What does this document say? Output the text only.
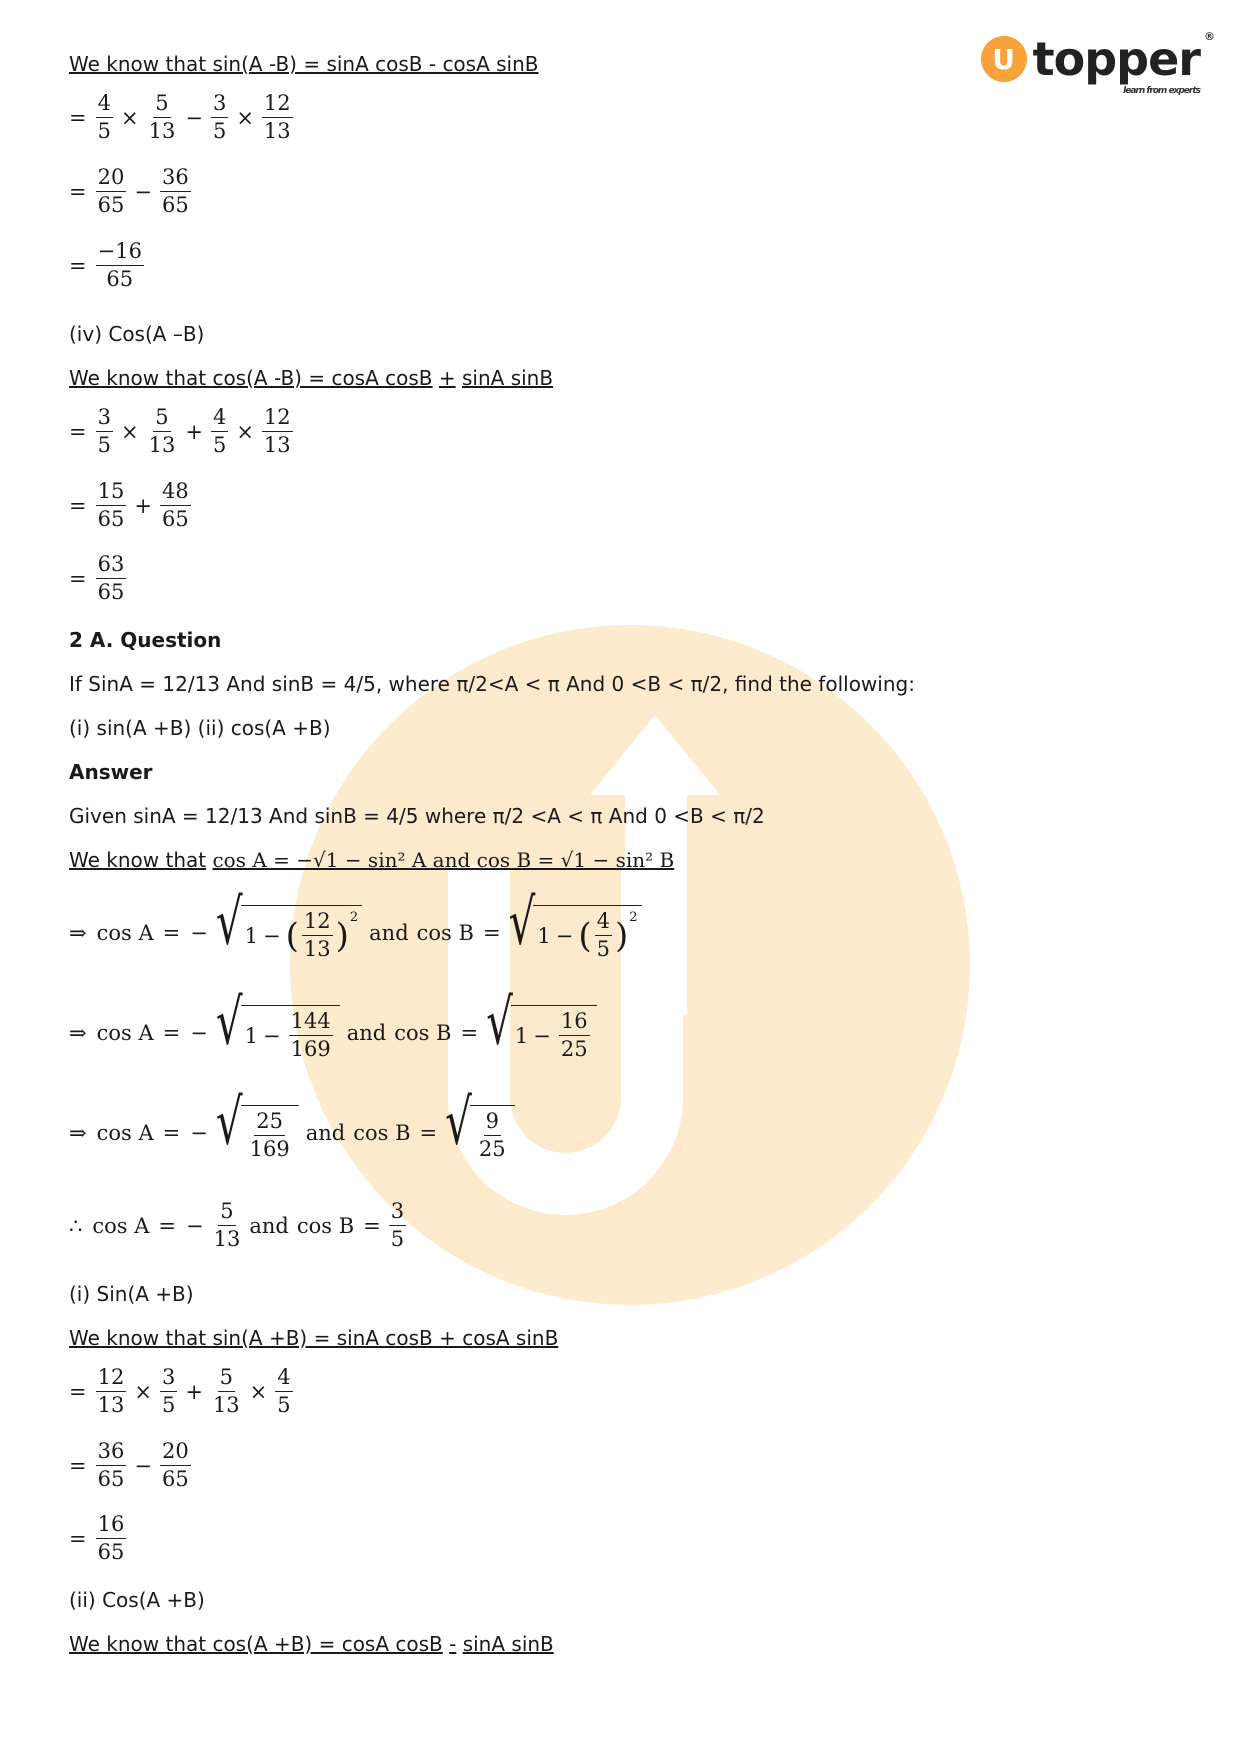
U topper ®
learn from experts
We know that sin(A -B) = sinA cosB - cosA sinB
= $\frac{4}{5} \times \frac{5}{13} - \frac{3}{5} \times \frac{12}{13}$
= $\frac{20}{65} - \frac{36}{65}$
= $\frac{-16}{65}$
(iv) Cos(A –B)
We know that cos(A -B) = cosA cosB + sinA sinB
= $\frac{3}{5} \times \frac{5}{13} + \frac{4}{5} \times \frac{12}{13}$
= $\frac{15}{65} + \frac{48}{65}$
= $\frac{63}{65}$
2 A. Question
If SinA = 12/13 And sinB = 4/5, where π/2<A < π And 0 <B < π/2, find the following:
(i) sin(A +B) (ii) cos(A +B)
Answer
Given sinA = 12/13 And sinB = 4/5 where π/2 <A < π And 0 <B < π/2
We know that cos A = −√1 − sin² A and cos B = √1 − sin² B
⇒ cos A = − √ 1 − ( $\frac{12}{13}$ ) 2
and cos B = √ 1 − ( $\frac{4}{5}$ ) 2
⇒ cos A = − √ $1 - \frac{144}{169}$ and cos B = √ $1 - \frac{16}{25}$
⇒ cos A = − √ $\frac{25}{169}$ and cos B = √ $\frac{9}{25}$
∴ cos A = − $\frac{5}{13}$ and $\cos B = \frac{3}{5}$
(i) Sin(A +B)
We know that sin(A +B) = sinA cosB + cosA sinB
= $\frac{12}{13} \times \frac{3}{5} + \frac{5}{13} \times \frac{4}{5}$
= $\frac{36}{65} - \frac{20}{65}$
= $\frac{16}{65}$
(ii) Cos(A +B)
We know that cos(A +B) = cosA cosB - sinA sinB
